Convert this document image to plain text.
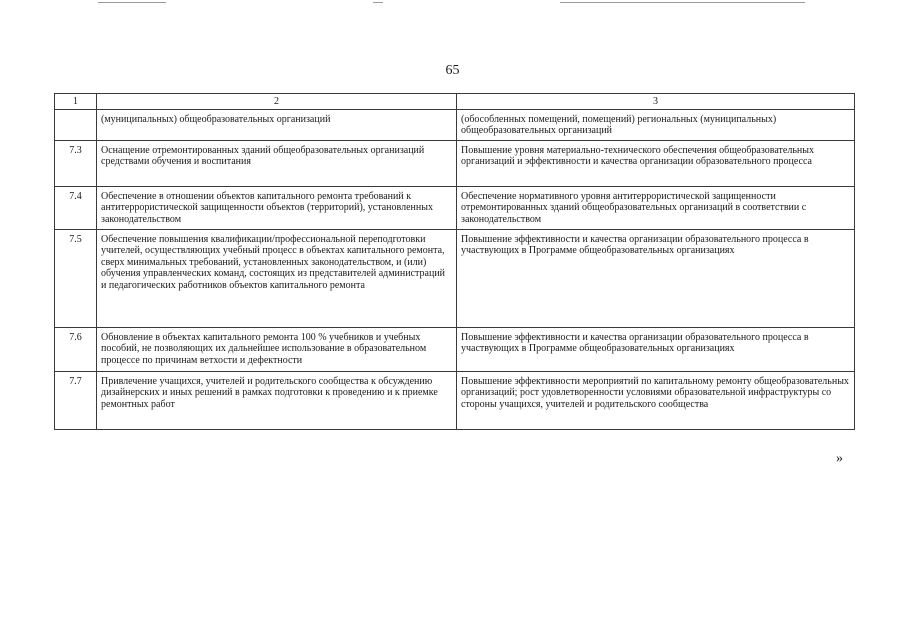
65
1	2	3
	(муниципальных) общеобразовательных организаций	(обособленных помещений, помещений) региональных (муниципальных) общеобразовательных организаций
7.3	Оснащение отремонтированных зданий общеобразовательных организаций средствами обучения и воспитания	Повышение уровня материально-технического обеспечения общеобразовательных организаций и эффективности и качества организации образовательного процесса
7.4	Обеспечение в отношении объектов капитального ремонта требований к антитеррористической защищенности объектов (территорий), установленных законодательством	Обеспечение нормативного уровня антитеррористической защищенности отремонтированных зданий общеобразовательных организаций в соответствии с законодательством
7.5	Обеспечение повышения квалификации/профессиональной переподготовки учителей, осуществляющих учебный процесс в объектах капитального ремонта, сверх минимальных требований, установленных законодательством, и (или) обучения управленческих команд, состоящих из представителей администраций и педагогических работников объектов капитального ремонта	Повышение эффективности и качества организации образовательного процесса в участвующих в Программе общеобразовательных организациях
7.6	Обновление в объектах капитального ремонта 100 % учебников и учебных пособий, не позволяющих их дальнейшее использование в образовательном процессе по причинам ветхости и дефектности	Повышение эффективности и качества организации образовательного процесса в участвующих в Программе общеобразовательных организациях
7.7	Привлечение учащихся, учителей и родительского сообщества к обсуждению дизайнерских и иных решений в рамках подготовки к проведению и к приемке ремонтных работ	Повышение эффективности мероприятий по капитальному ремонту общеобразовательных организаций; рост удовлетворенности условиями образовательной инфраструктуры со стороны учащихся, учителей и родительского сообщества
»
